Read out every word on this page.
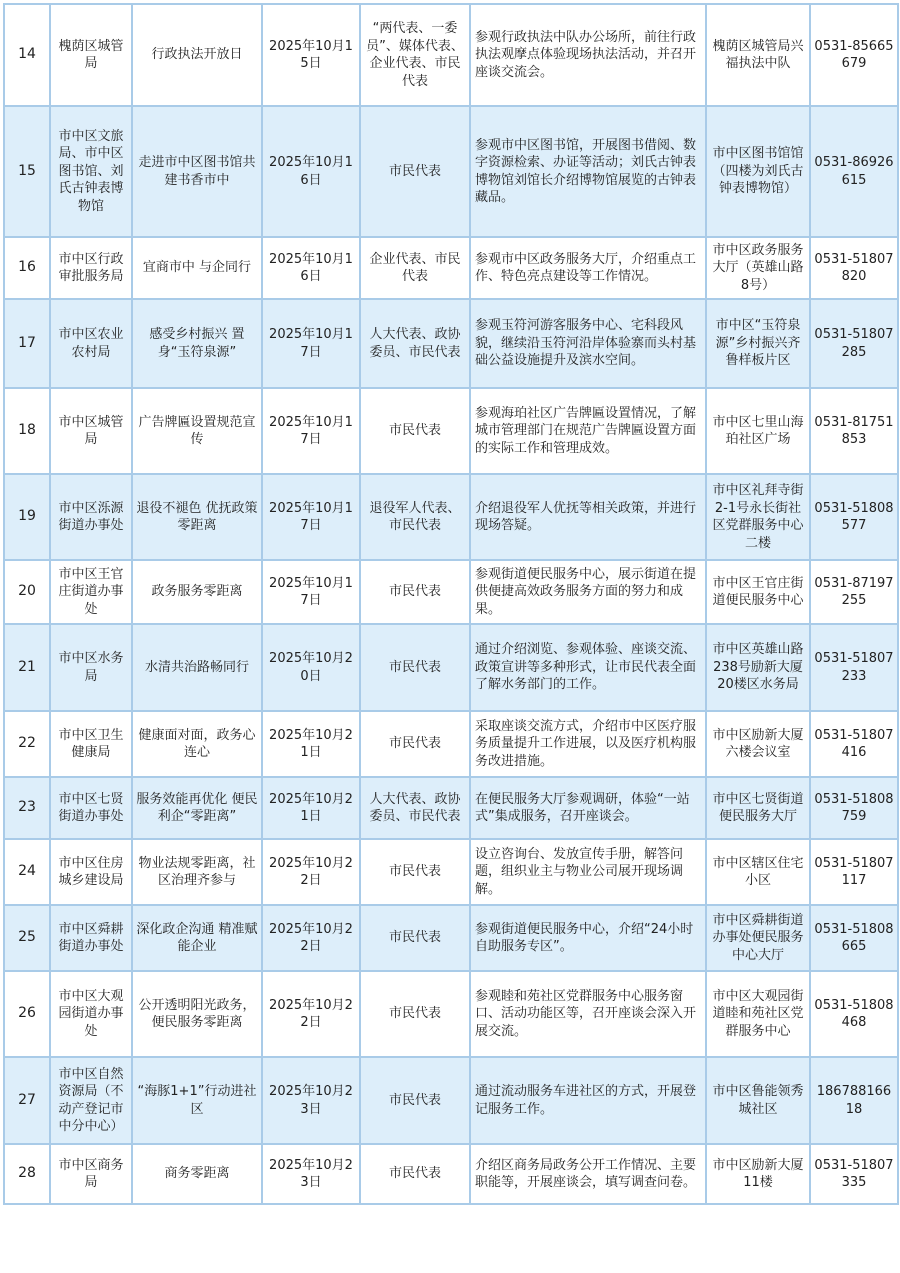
14	槐荫区城管局	行政执法开放日	2025年10月15日	“两代表、一委员”、媒体代表、企业代表、市民代表	参观行政执法中队办公场所，前往行政执法观摩点体验现场执法活动，并召开座谈交流会。	槐荫区城管局兴福执法中队	0531-85665679
15	市中区文旅局、市中区图书馆、刘氏古钟表博物馆	走进市中区图书馆共建书香市中	2025年10月16日	市民代表	参观市中区图书馆，开展图书借阅、数字资源检索、办证等活动；刘氏古钟表博物馆刘馆长介绍博物馆展览的古钟表藏品。	市中区图书馆馆（四楼为刘氏古钟表博物馆）	0531-86926615
16	市中区行政审批服务局	宜商市中 与企同行	2025年10月16日	企业代表、市民代表	参观市中区政务服务大厅，介绍重点工作、特色亮点建设等工作情况。	市中区政务服务大厅（英雄山路8号）	0531-51807820
17	市中区农业农村局	感受乡村振兴 置身“玉符泉源”	2025年10月17日	人大代表、政协委员、市民代表	参观玉符河游客服务中心、宅科段风貌，继续沿玉符河沿岸体验寨而头村基础公益设施提升及滨水空间。	市中区“玉符泉源”乡村振兴齐鲁样板片区	0531-51807285
18	市中区城管局	广告牌匾设置规范宣传	2025年10月17日	市民代表	参观海珀社区广告牌匾设置情况，了解城市管理部门在规范广告牌匾设置方面的实际工作和管理成效。	市中区七里山海珀社区广场	0531-81751853
19	市中区泺源街道办事处	退役不褪色 优抚政策零距离	2025年10月17日	退役军人代表、市民代表	介绍退役军人优抚等相关政策，并进行现场答疑。	市中区礼拜寺街2-1号永长街社区党群服务中心二楼	0531-51808577
20	市中区王官庄街道办事处	政务服务零距离	2025年10月17日	市民代表	参观街道便民服务中心，展示街道在提供便捷高效政务服务方面的努力和成果。	市中区王官庄街道便民服务中心	0531-87197255
21	市中区水务局	水清共治路畅同行	2025年10月20日	市民代表	通过介绍浏览、参观体验、座谈交流、政策宣讲等多种形式，让市民代表全面了解水务部门的工作。	市中区英雄山路238号励新大厦20楼区水务局	0531-51807233
22	市中区卫生健康局	健康面对面，政务心连心	2025年10月21日	市民代表	采取座谈交流方式，介绍市中区医疗服务质量提升工作进展，以及医疗机构服务改进措施。	市中区励新大厦六楼会议室	0531-51807416
23	市中区七贤街道办事处	服务效能再优化 便民利企“零距离”	2025年10月21日	人大代表、政协委员、市民代表	在便民服务大厅参观调研，体验“一站式”集成服务，召开座谈会。	市中区七贤街道便民服务大厅	0531-51808759
24	市中区住房城乡建设局	物业法规零距离，社区治理齐参与	2025年10月22日	市民代表	设立咨询台、发放宣传手册，解答问题，组织业主与物业公司展开现场调解。	市中区辖区住宅小区	0531-51807117
25	市中区舜耕街道办事处	深化政企沟通 精准赋能企业	2025年10月22日	市民代表	参观街道便民服务中心，介绍“24小时自助服务专区”。	市中区舜耕街道办事处便民服务中心大厅	0531-51808665
26	市中区大观园街道办事处	公开透明阳光政务，便民服务零距离	2025年10月22日	市民代表	参观睦和苑社区党群服务中心服务窗口、活动功能区等，召开座谈会深入开展交流。	市中区大观园街道睦和苑社区党群服务中心	0531-51808468
27	市中区自然资源局（不动产登记市中分中心）	“海豚1+1”行动进社区	2025年10月23日	市民代表	通过流动服务车进社区的方式，开展登记服务工作。	市中区鲁能领秀城社区	18678816618
28	市中区商务局	商务零距离	2025年10月23日	市民代表	介绍区商务局政务公开工作情况、主要职能等，开展座谈会，填写调查问卷。	市中区励新大厦11楼	0531-51807335
